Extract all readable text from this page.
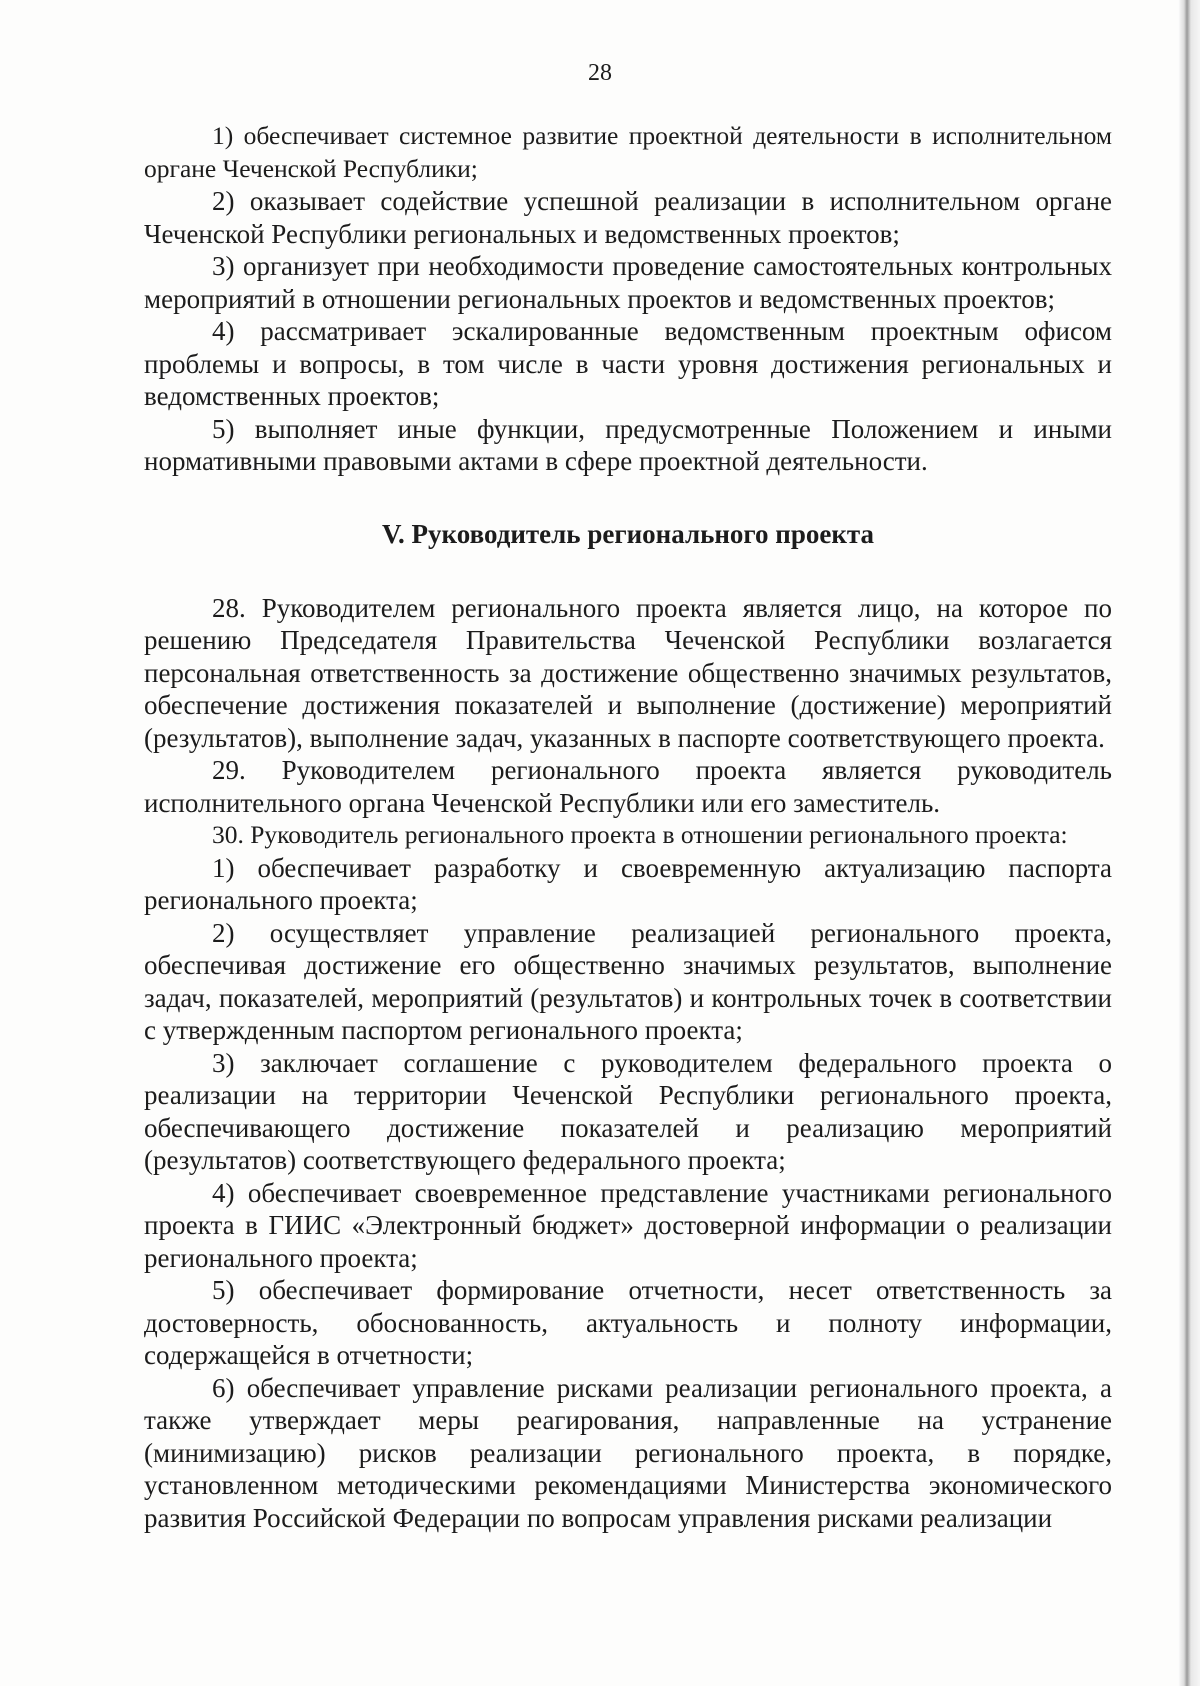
28

1) обеспечивает системное развитие проектной деятельности в исполнительном органе Чеченской Республики;

2) оказывает содействие успешной реализации в исполнительном органе Чеченской Республики региональных и ведомственных проектов;

3) организует при необходимости проведение самостоятельных контрольных мероприятий в отношении региональных проектов и ведомственных проектов;

4) рассматривает эскалированные ведомственным проектным офисом проблемы и вопросы, в том числе в части уровня достижения региональных и ведомственных проектов;

5) выполняет иные функции, предусмотренные Положением и иными нормативными правовыми актами в сфере проектной деятельности.

V. Руководитель регионального проекта

28. Руководителем регионального проекта является лицо, на которое по решению Председателя Правительства Чеченской Республики возлагается персональная ответственность за достижение общественно значимых результатов, обеспечение достижения показателей и выполнение (достижение) мероприятий (результатов), выполнение задач, указанных в паспорте соответствующего проекта.

29. Руководителем регионального проекта является руководитель исполнительного органа Чеченской Республики или его заместитель.

30. Руководитель регионального проекта в отношении регионального проекта:

1) обеспечивает разработку и своевременную актуализацию паспорта регионального проекта;

2) осуществляет управление реализацией регионального проекта, обеспечивая достижение его общественно значимых результатов, выполнение задач, показателей, мероприятий (результатов) и контрольных точек в соответствии с утвержденным паспортом регионального проекта;

3) заключает соглашение с руководителем федерального проекта о реализации на территории Чеченской Республики регионального проекта, обеспечивающего достижение показателей и реализацию мероприятий (результатов) соответствующего федерального проекта;

4) обеспечивает своевременное представление участниками регионального проекта в ГИИС «Электронный бюджет» достоверной информации о реализации регионального проекта;

5) обеспечивает формирование отчетности, несет ответственность за достоверность, обоснованность, актуальность и полноту информации, содержащейся в отчетности;

6) обеспечивает управление рисками реализации регионального проекта, а также утверждает меры реагирования, направленные на устранение (минимизацию) рисков реализации регионального проекта, в порядке, установленном методическими рекомендациями Министерства экономического развития Российской Федерации по вопросам управления рисками реализации
